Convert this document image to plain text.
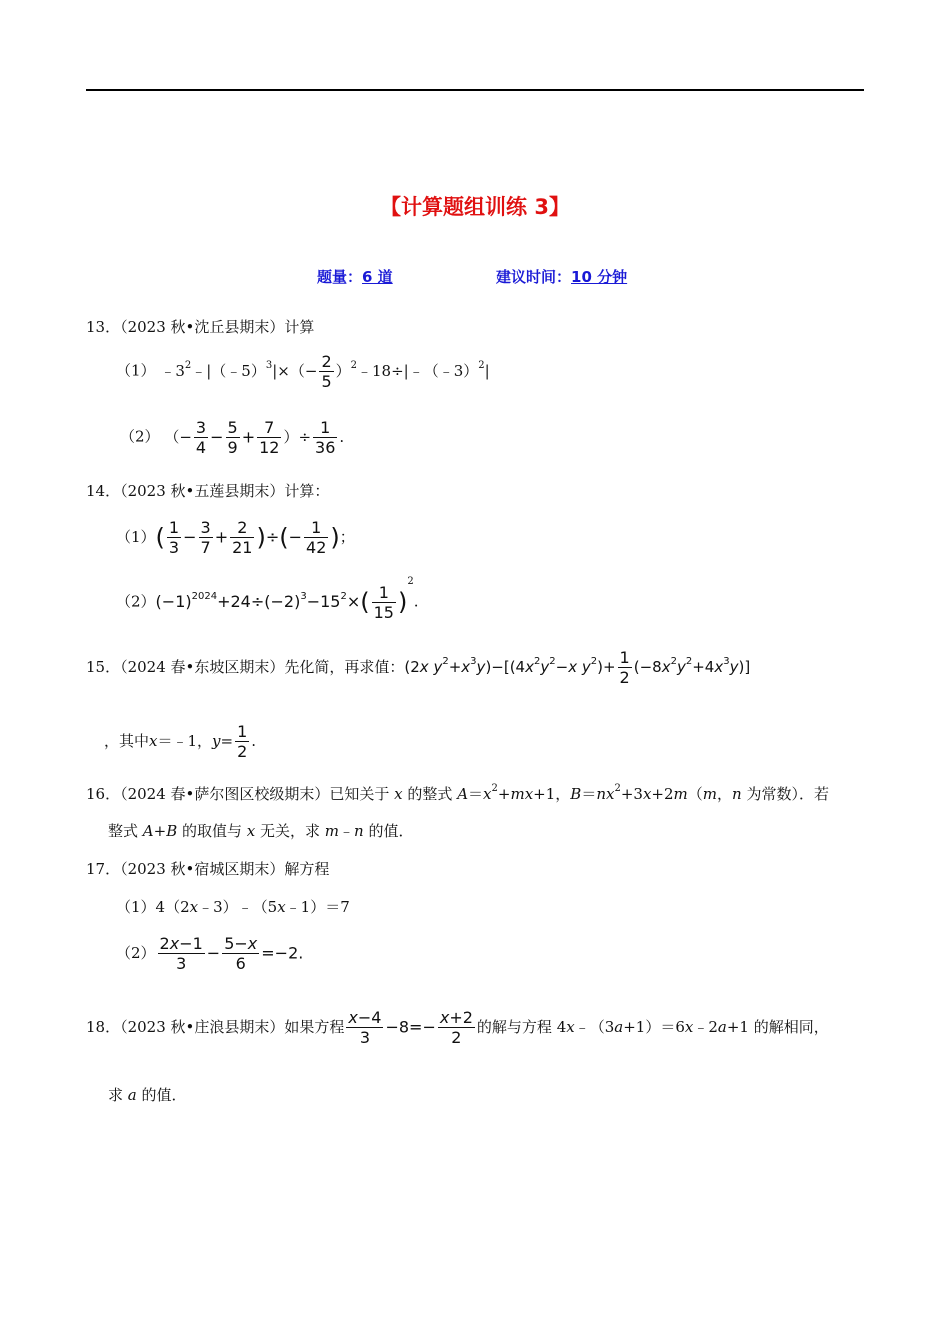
【计算题组训练 3】
题量：6 道	建议时间：10 分钟
13．（2023 秋•沈丘县期末）计算
（1） $﹣3^2﹣|(﹣5)^3|\times(- \frac{2}{5}$ ）$^2$﹣18÷|﹣（﹣3）$^2$|
（2） （− $\frac{3}{4} - \frac{5}{9} + \frac{7}{12}$ ）÷ $\frac{1}{36}$ .
14．（2023 秋•五莲县期末）计算：
$(1)( \frac{1}{3} - \frac{3}{7} + \frac{2}{21}$ )÷(− $\frac{1}{42}$ )；
$(2)(-1)^{2024}+24\div(-2)^3-15^2\times( \frac{1}{15} )^2$.
15．（2024 春•东坡区期末）先化简，再求值：(2x $y^2+x^3y)-[(4x^2y^2-x$ $y^2)+ \frac{1}{2} (-8x^2y^2+4x^3y)$]
，其中x＝﹣1，$y= \frac{1}{2}$ .
16．（2024 春•萨尔图区校级期末）已知关于 x 的整式 $A=x^2+mx+1$，$B=nx^2+3x+2m(m$，n 为常数）．若
整式 A+B 的取值与 x 无关，求 m﹣n 的值．
17．（2023 秋•宿城区期末）解方程
（1）4（2x﹣3）﹣（5x﹣1）＝7
$(2) \frac{2x-1}{3} - \frac{5-x}{6} =-2$.
18．（2023 秋•庄浪县期末）如果方程 $\frac{x-4}{3} -8=- \frac{x+2}{2}$ 的解与方程 4x﹣（3a+1）＝6x﹣2a+1 的解相同，
求 a 的值．
